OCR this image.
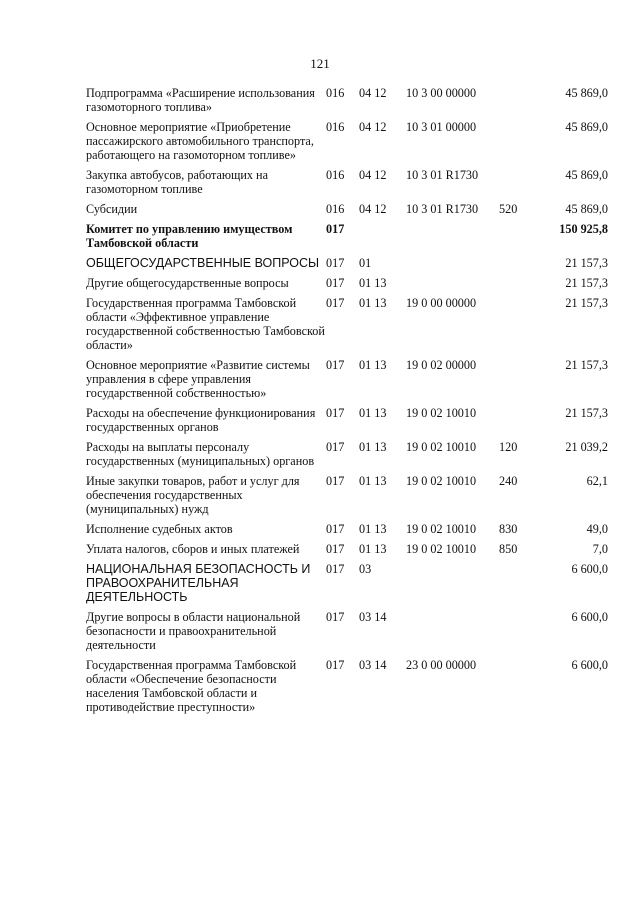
121
Подпрограмма «Расширение использования газомоторного топлива»	016	04 12	10 3 00 00000		45 869,0
Основное мероприятие «Приобретение пассажирского автомобильного транспорта, работающего на газомоторном топливе»	016	04 12	10 3 01 00000		45 869,0
Закупка автобусов, работающих на газомоторном топливе	016	04 12	10 3 01 R1730		45 869,0
Субсидии	016	04 12	10 3 01 R1730	520	45 869,0
Комитет по управлению имуществом Тамбовской области	017				150 925,8
ОБЩЕГОСУДАРСТВЕННЫЕ ВОПРОСЫ	017	01			21 157,3
Другие общегосударственные вопросы	017	01 13			21 157,3
Государственная программа Тамбовской области «Эффективное управление государственной собственностью Тамбовской области»	017	01 13	19 0 00 00000		21 157,3
Основное мероприятие «Развитие системы управления в сфере управления государственной собственностью»	017	01 13	19 0 02 00000		21 157,3
Расходы на обеспечение функционирования государственных органов	017	01 13	19 0 02 10010		21 157,3
Расходы на выплаты персоналу государственных (муниципальных) органов	017	01 13	19 0 02 10010	120	21 039,2
Иные закупки товаров, работ и услуг для обеспечения государственных (муниципальных) нужд	017	01 13	19 0 02 10010	240	62,1
Исполнение судебных актов	017	01 13	19 0 02 10010	830	49,0
Уплата налогов, сборов и иных платежей	017	01 13	19 0 02 10010	850	7,0
НАЦИОНАЛЬНАЯ БЕЗОПАСНОСТЬ И ПРАВООХРАНИТЕЛЬНАЯ ДЕЯТЕЛЬНОСТЬ	017	03			6 600,0
Другие вопросы в области национальной безопасности и правоохранительной деятельности	017	03 14			6 600,0
Государственная программа Тамбовской области «Обеспечение безопасности населения Тамбовской области и противодействие преступности»	017	03 14	23 0 00 00000		6 600,0
